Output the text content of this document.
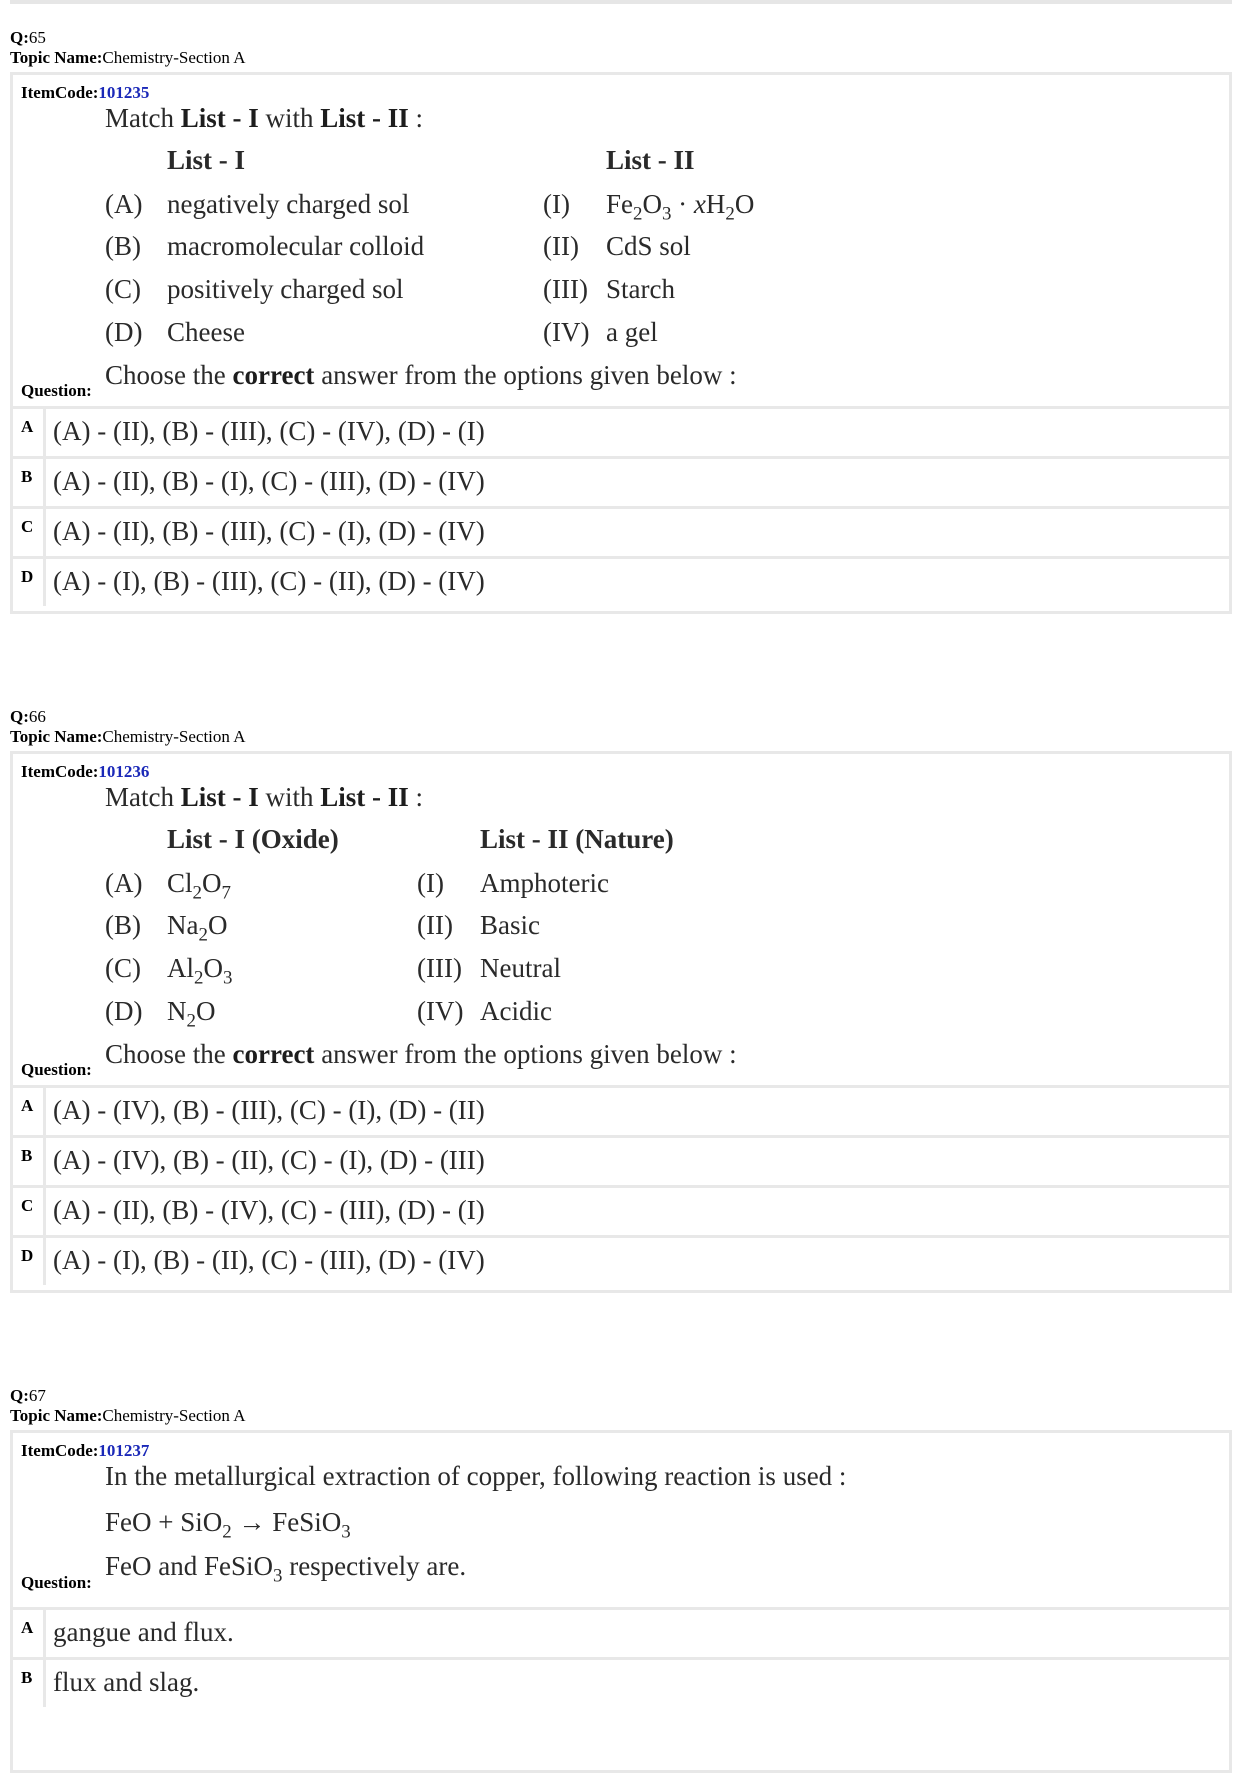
Q:65
Topic Name:Chemistry-Section A
ItemCode:101235
Match List - I with List - II :
List - I	List - II
(A) negatively charged sol	(I) $Fe_2O_3 \cdot xH_2O$
(B) macromolecular colloid	(II) CdS sol
(C) positively charged sol	(III) Starch
(D) Cheese	(IV) a gel
Choose the correct answer from the options given below :
Question:
A (A) - (II), (B) - (III), (C) - (IV), (D) - (I)
B (A) - (II), (B) - (I), (C) - (III), (D) - (IV)
C (A) - (II), (B) - (III), (C) - (I), (D) - (IV)
D (A) - (I), (B) - (III), (C) - (II), (D) - (IV)
Q:66
Topic Name:Chemistry-Section A
ItemCode:101236
Match List - I with List - II :
List - I (Oxide)	List - II (Nature)
(A) $Cl_2O_7$	(I) Amphoteric
(B) $Na_2O$	(II) Basic
(C) $Al_2O_3$	(III) Neutral
(D) $N_2O$	(IV) Acidic
Choose the correct answer from the options given below :
Question:
A (A) - (IV), (B) - (III), (C) - (I), (D) - (II)
B (A) - (IV), (B) - (II), (C) - (I), (D) - (III)
C (A) - (II), (B) - (IV), (C) - (III), (D) - (I)
D (A) - (I), (B) - (II), (C) - (III), (D) - (IV)
Q:67
Topic Name:Chemistry-Section A
ItemCode:101237
In the metallurgical extraction of copper, following reaction is used :
FeO + SiO$_2$ → FeSiO$_3$
FeO and FeSiO$_3$ respectively are.
Question:
A gangue and flux.
B flux and slag.
